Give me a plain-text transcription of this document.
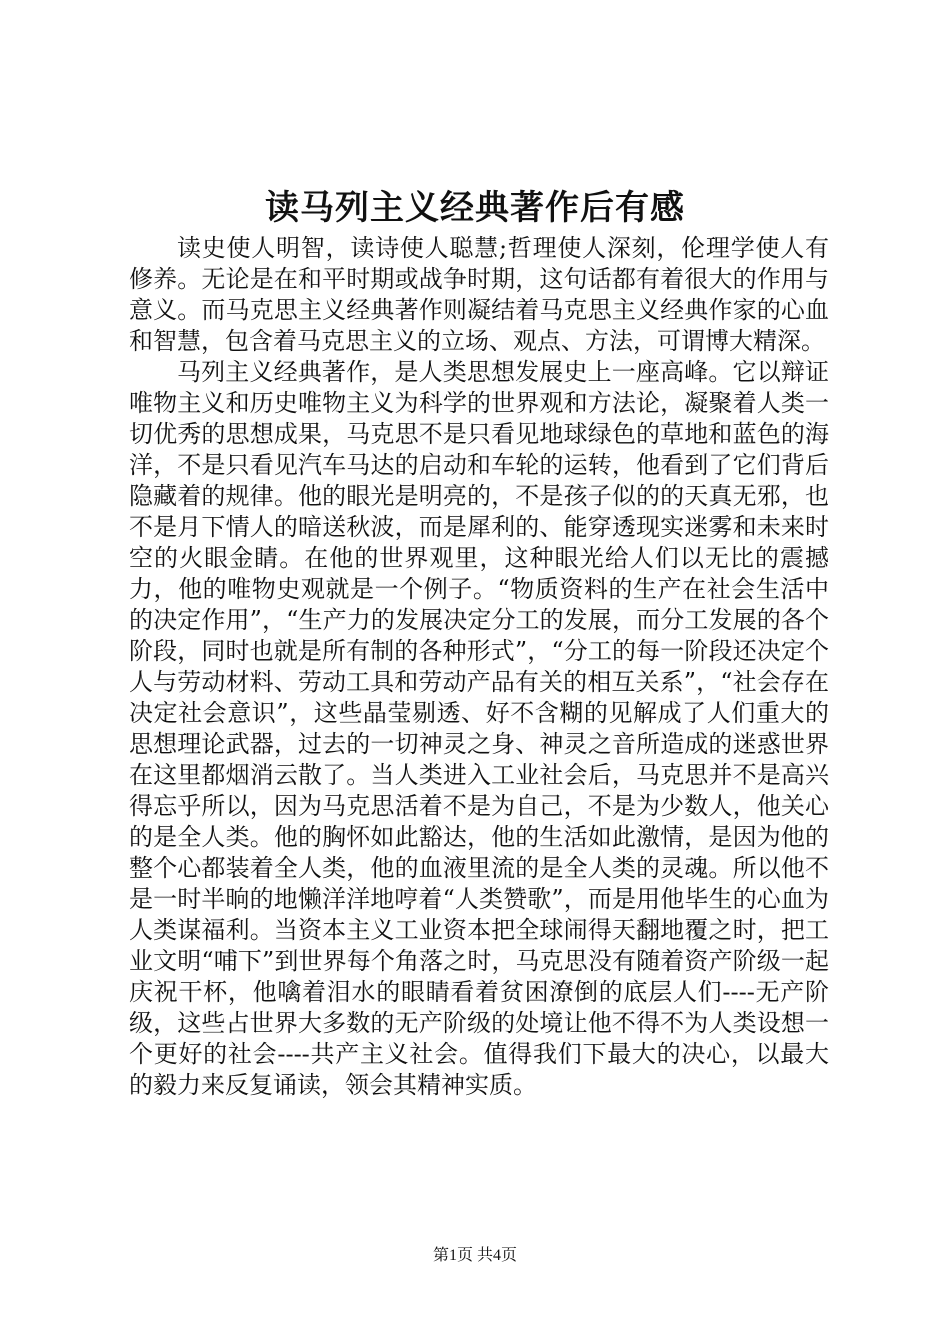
读马列主义经典著作后有感

读史使人明智，读诗使人聪慧;哲理使人深刻，伦理学使人有修养。无论是在和平时期或战争时期，这句话都有着很大的作用与意义。而马克思主义经典著作则凝结着马克思主义经典作家的心血和智慧，包含着马克思主义的立场、观点、方法，可谓博大精深。

马列主义经典著作，是人类思想发展史上一座高峰。它以辩证唯物主义和历史唯物主义为科学的世界观和方法论，凝聚着人类一切优秀的思想成果，马克思不是只看见地球绿色的草地和蓝色的海洋，不是只看见汽车马达的启动和车轮的运转，他看到了它们背后隐藏着的规律。他的眼光是明亮的，不是孩子似的的天真无邪，也不是月下情人的暗送秋波，而是犀利的、能穿透现实迷雾和未来时空的火眼金睛。在他的世界观里，这种眼光给人们以无比的震撼力，他的唯物史观就是一个例子。“物质资料的生产在社会生活中的决定作用”，“生产力的发展决定分工的发展，而分工发展的各个阶段，同时也就是所有制的各种形式”，“分工的每一阶段还决定个人与劳动材料、劳动工具和劳动产品有关的相互关系”，“社会存在决定社会意识”，这些晶莹剔透、好不含糊的见解成了人们重大的思想理论武器，过去的一切神灵之身、神灵之音所造成的迷惑世界在这里都烟消云散了。当人类进入工业社会后，马克思并不是高兴得忘乎所以，因为马克思活着不是为自己，不是为少数人，他关心的是全人类。他的胸怀如此豁达，他的生活如此激情，是因为他的整个心都装着全人类，他的血液里流的是全人类的灵魂。所以他不是一时半晌的地懒洋洋地哼着“人类赞歌”，而是用他毕生的心血为人类谋福利。当资本主义工业资本把全球闹得天翻地覆之时，把工业文明“哺下”到世界每个角落之时，马克思没有随着资产阶级一起庆祝干杯，他噙着泪水的眼睛看着贫困潦倒的底层人们----无产阶级，这些占世界大多数的无产阶级的处境让他不得不为人类设想一个更好的社会----共产主义社会。值得我们下最大的决心，以最大的毅力来反复诵读，领会其精神实质。

第1页 共4页
